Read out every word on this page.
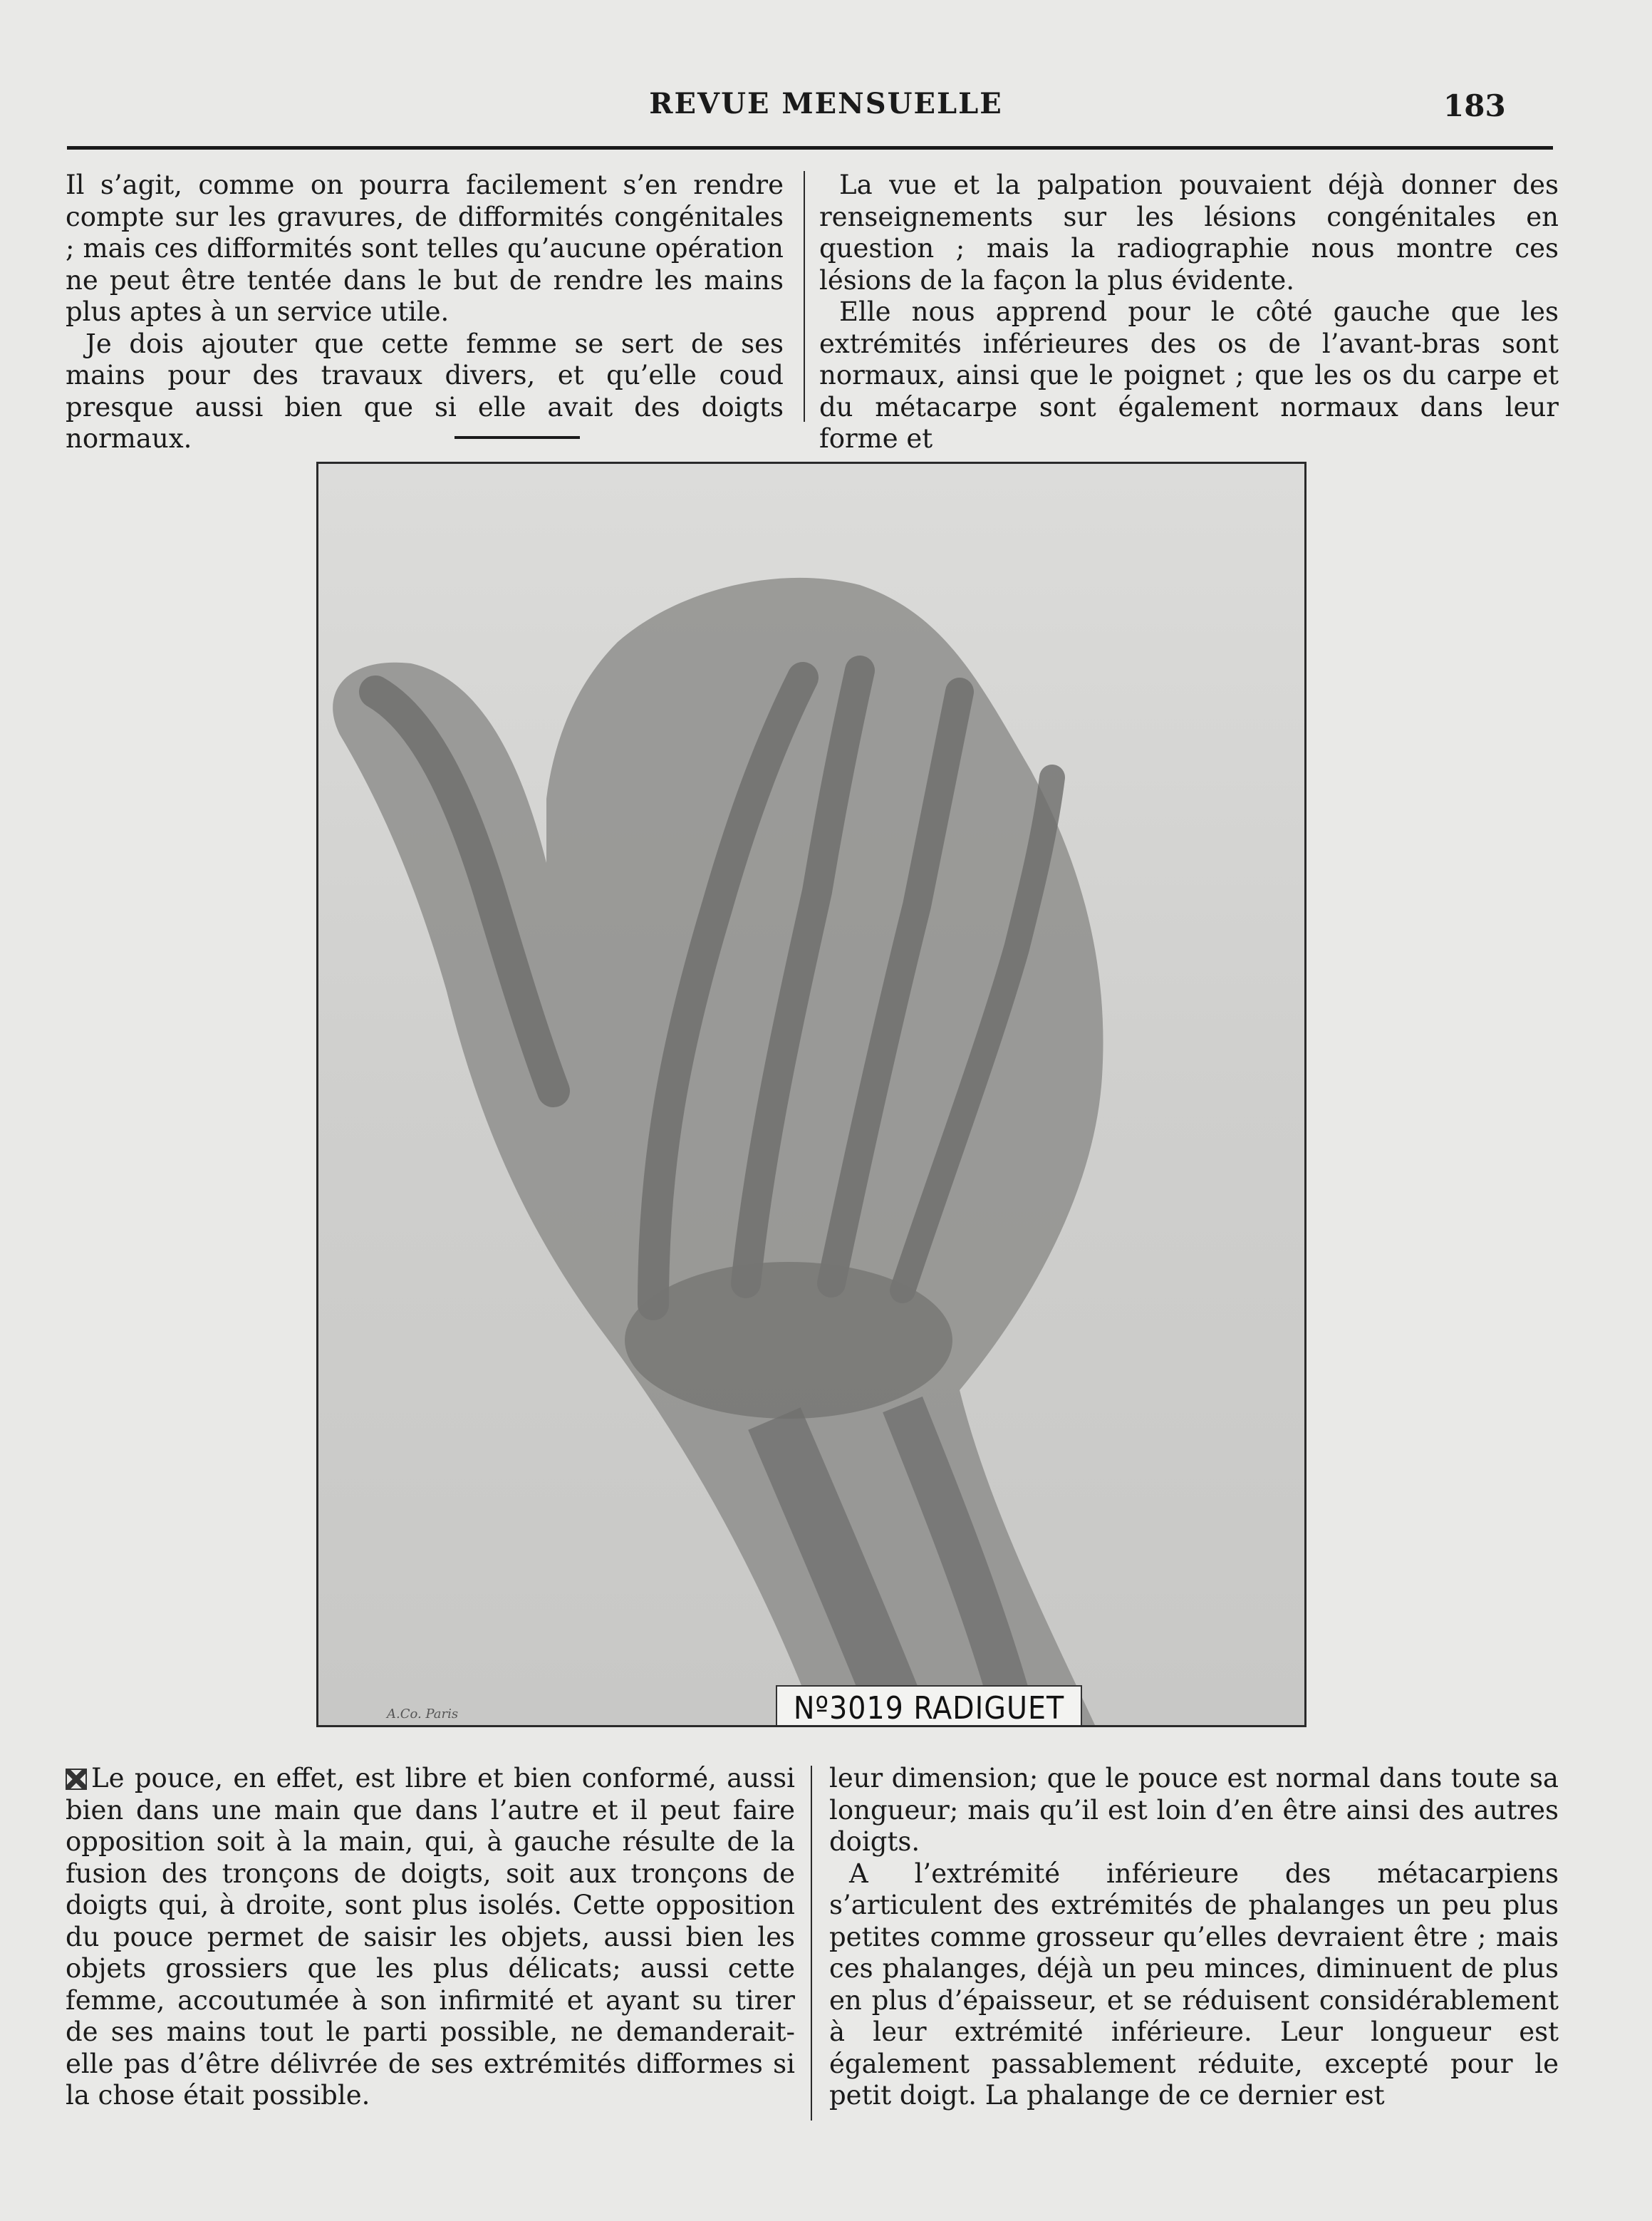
REVUE MENSUELLE	183

Il s’agit, comme on pourra facilement s’en rendre compte sur les gravures, de difformités congénitales ; mais ces difformités sont telles qu’aucune opération ne peut être tentée dans le but de rendre les mains plus aptes à un service utile.

Je dois ajouter que cette femme se sert de ses mains pour des travaux divers, et qu’elle coud presque aussi bien que si elle avait des doigts normaux.

La vue et la palpation pouvaient déjà donner des renseignements sur les lésions congénitales en question ; mais la radiographie nous montre ces lésions de la façon la plus évidente.

Elle nous apprend pour le côté gauche que les extrémités inférieures des os de l’avant-bras sont normaux, ainsi que le poignet ; que les os du carpe et du métacarpe sont également normaux dans leur forme et

A.Co. Paris	Nº3019 RADIGUET

Le pouce, en effet, est libre et bien conformé, aussi bien dans une main que dans l’autre et il peut faire opposition soit à la main, qui, à gauche résulte de la fusion des tronçons de doigts, soit aux tronçons de doigts qui, à droite, sont plus isolés. Cette opposition du pouce permet de saisir les objets, aussi bien les objets grossiers que les plus délicats; aussi cette femme, accoutumée à son infirmité et ayant su tirer de ses mains tout le parti possible, ne demanderait-elle pas d’être délivrée de ses extrémités difformes si la chose était possible.

leur dimension; que le pouce est normal dans toute sa longueur; mais qu’il est loin d’en être ainsi des autres doigts.

A l’extrémité inférieure des métacarpiens s’articulent des extrémités de phalanges un peu plus petites comme grosseur qu’elles devraient être ; mais ces phalanges, déjà un peu minces, diminuent de plus en plus d’épaisseur, et se réduisent considérablement à leur extrémité inférieure. Leur longueur est également passablement réduite, excepté pour le petit doigt. La phalange de ce dernier est
